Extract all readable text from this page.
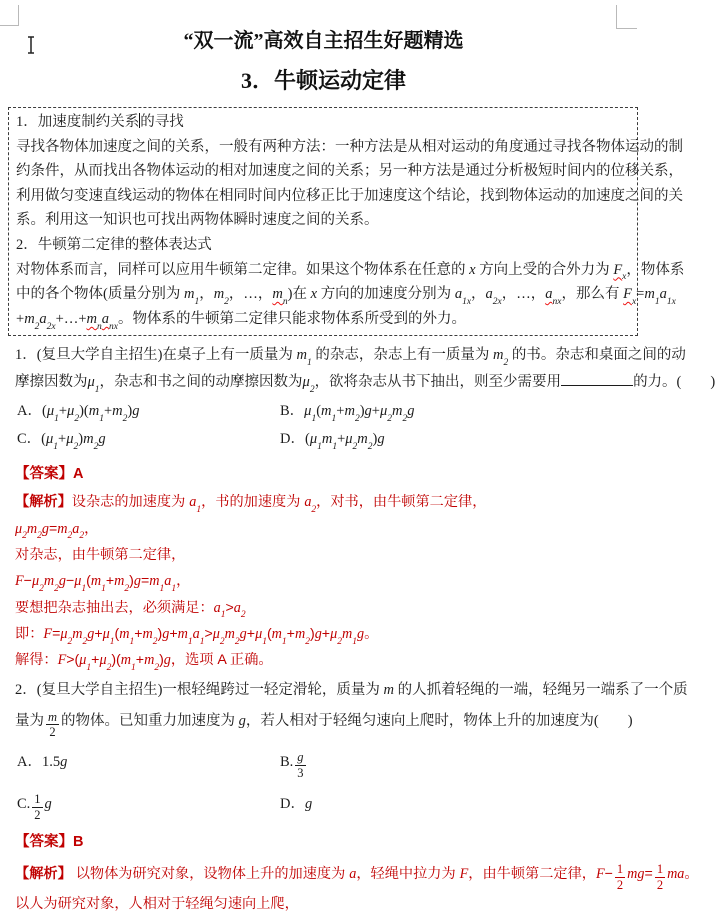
“双一流”高效自主招生好题精选
3．牛顿运动定律
1．加速度制约关系的寻找
寻找各物体加速度之间的关系，一般有两种方法：一种方法是从相对运动的角度通过寻找各物体运动的制
约条件，从而找出各物体运动的相对加速度之间的关系；另一种方法是通过分析极短时间内的位移关系，
利用做匀变速直线运动的物体在相同时间内位移正比于加速度这个结论，找到物体运动的加速度之间的关
系。利用这一知识也可找出两物体瞬时速度之间的关系。
2．牛顿第二定律的整体表达式
对物体系而言，同样可以应用牛顿第二定律。如果这个物体系在任意的 x 方向上受的合外力为 $F_x$，物体系
中的各个物体(质量分别为 $m_1$，$m_2$，…，$m_n$)在 x 方向的加速度分别为 $a_{1x}$，$a_{2x}$，…，$a_{nx}$，那么有 $F_x=m_1a_{1x}$
$+m_2a_{2x}+\dots+m_na_{nx}$。物体系的牛顿第二定律只能求物体系所受到的外力。
1．(复旦大学自主招生)在桌子上有一质量为 $m_1$ 的杂志，杂志上有一质量为 $m_2$ 的书。杂志和桌面之间的动
摩擦因数为$\mu_1$，杂志和书之间的动摩擦因数为$\mu_2$，欲将杂志从书下抽出，则至少需要用	的力。(　　)
A．$(\mu_1+\mu_2)(m_1+m_2)g$	B．$\mu_1(m_1+m_2)g+\mu_2m_2g$
C．$(\mu_1+\mu_2)m_2g$	D．$(\mu_1m_1+\mu_2m_2)g$
【答案】A
【解析】设杂志的加速度为 $a_1$，书的加速度为 $a_2$，对书，由牛顿第二定律，
$\mu_2m_2g=m_2a_2$，
对杂志，由牛顿第二定律，
$F-\mu_2m_2g-\mu_1(m_1+m_2)g=m_1a_1$，
要想把杂志抽出去，必须满足：$a_1>a_2$
即：$F=\mu_2m_2g+\mu_1(m_1+m_2)g+m_1a_1>\mu_2m_2g+\mu_1(m_1+m_2)g+\mu_2m_1g$。
解得：$F>(\mu_1+\mu_2)(m_1+m_2)g$，选项 A 正确。
2．(复旦大学自主招生)一根轻绳跨过一轻定滑轮，质量为 m 的人抓着轻绳的一端，轻绳另一端系了一个质
量为 $\frac{m}{2}$ 的物体。已知重力加速度为 g，若人相对于轻绳匀速向上爬时，物体上升的加速度为(　　)
A．1.5g	B. $\frac{g}{3}$
C. $\frac{1}{2}$ g	D．g
【答案】B
【解析】 以物体为研究对象，设物体上升的加速度为 a，轻绳中拉力为 F，由牛顿第二定律，$F- \frac{1}{2} mg= \frac{1}{2}$ ma。
以人为研究对象，人相对于轻绳匀速向上爬，
